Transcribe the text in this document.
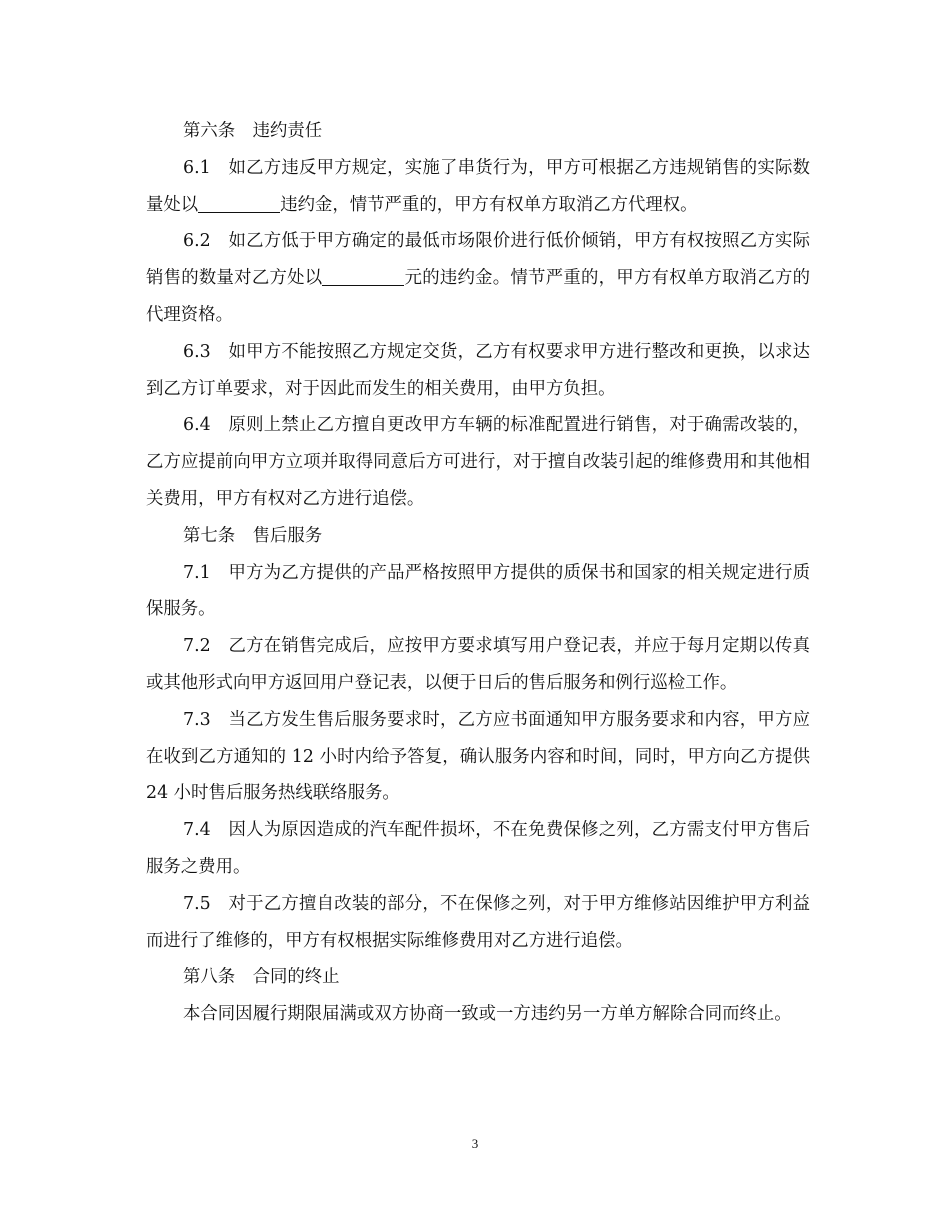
第六条　违约责任

6.1　如乙方违反甲方规定，实施了串货行为，甲方可根据乙方违规销售的实际数量处以	违约金，情节严重的，甲方有权单方取消乙方代理权。

6.2　如乙方低于甲方确定的最低市场限价进行低价倾销，甲方有权按照乙方实际销售的数量对乙方处以	元的违约金。情节严重的，甲方有权单方取消乙方的代理资格。

6.3　如甲方不能按照乙方规定交货，乙方有权要求甲方进行整改和更换，以求达到乙方订单要求，对于因此而发生的相关费用，由甲方负担。

6.4　原则上禁止乙方擅自更改甲方车辆的标准配置进行销售，对于确需改装的，乙方应提前向甲方立项并取得同意后方可进行，对于擅自改装引起的维修费用和其他相关费用，甲方有权对乙方进行追偿。

第七条　售后服务

7.1　甲方为乙方提供的产品严格按照甲方提供的质保书和国家的相关规定进行质保服务。

7.2　乙方在销售完成后，应按甲方要求填写用户登记表，并应于每月定期以传真或其他形式向甲方返回用户登记表，以便于日后的售后服务和例行巡检工作。

7.3　当乙方发生售后服务要求时，乙方应书面通知甲方服务要求和内容，甲方应在收到乙方通知的 12 小时内给予答复，确认服务内容和时间，同时，甲方向乙方提供 24 小时售后服务热线联络服务。

7.4　因人为原因造成的汽车配件损坏，不在免费保修之列，乙方需支付甲方售后服务之费用。

7.5　对于乙方擅自改装的部分，不在保修之列，对于甲方维修站因维护甲方利益而进行了维修的，甲方有权根据实际维修费用对乙方进行追偿。

第八条　合同的终止

本合同因履行期限届满或双方协商一致或一方违约另一方单方解除合同而终止。

3
